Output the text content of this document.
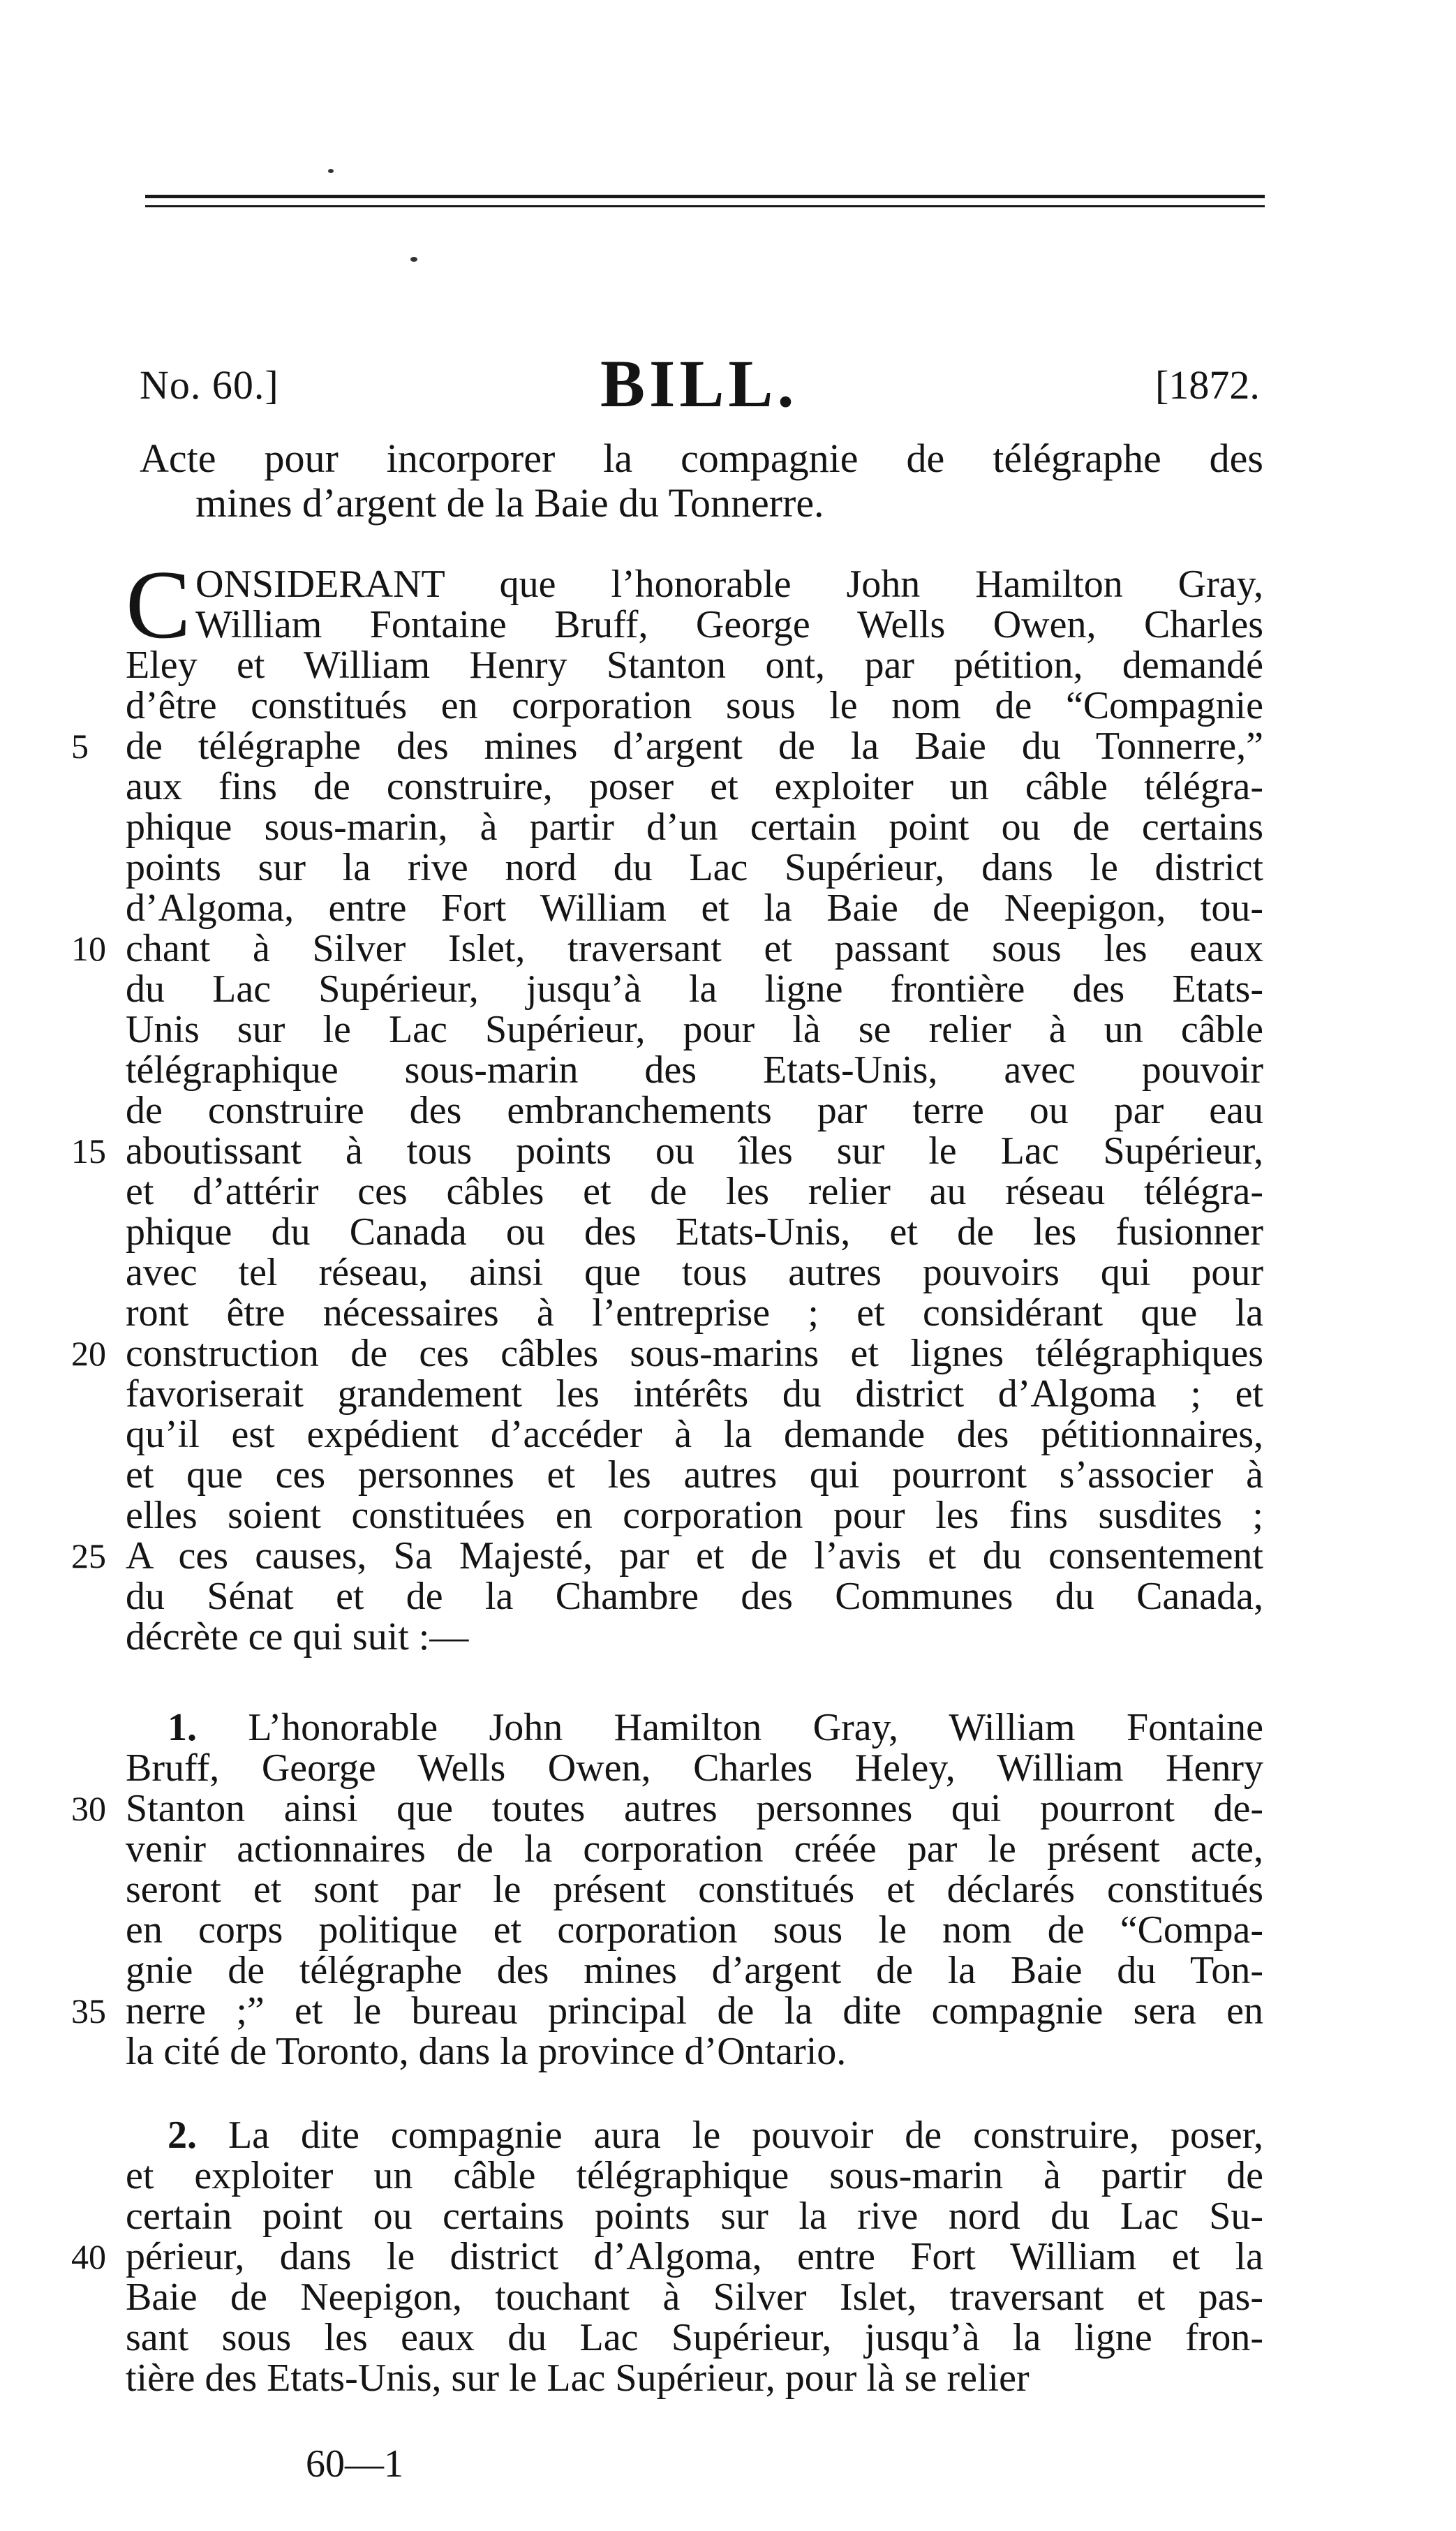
No. 60.]	BILL.	[1872.
Acte pour incorporer la compagnie de télégraphe des
mines d’argent de la Baie du Tonnerre.
C ONSIDERANT que l’honorable John Hamilton Gray,
William Fontaine Bruff, George Wells Owen, Charles
Eley et William Henry Stanton ont, par pétition, demandé
d’être constitués en corporation sous le nom de “Compagnie
de télégraphe des mines d’argent de la Baie du Tonnerre,”
5
aux fins de construire, poser et exploiter un câble télégra-
phique sous-marin, à partir d’un certain point ou de certains
points sur la rive nord du Lac Supérieur, dans le district
d’Algoma, entre Fort William et la Baie de Neepigon, tou-
chant à Silver Islet, traversant et passant sous les eaux
10
du Lac Supérieur, jusqu’à la ligne frontière des Etats-
Unis sur le Lac Supérieur, pour là se relier à un câble
télégraphique sous-marin des Etats-Unis, avec pouvoir
de construire des embranchements par terre ou par eau
aboutissant à tous points ou îles sur le Lac Supérieur,
15
et d’attérir ces câbles et de les relier au réseau télégra-
phique du Canada ou des Etats-Unis, et de les fusionner
avec tel réseau, ainsi que tous autres pouvoirs qui pour
ront être nécessaires à l’entreprise ; et considérant que la
construction de ces câbles sous-marins et lignes télégraphiques
20
favoriserait grandement les intérêts du district d’Algoma ; et
qu’il est expédient d’accéder à la demande des pétitionnaires,
et que ces personnes et les autres qui pourront s’associer à
elles soient constituées en corporation pour les fins susdites ;
A ces causes, Sa Majesté, par et de l’avis et du consentement
25
du Sénat et de la Chambre des Communes du Canada,
décrète ce qui suit :—
1. L’honorable John Hamilton Gray, William Fontaine
Bruff, George Wells Owen, Charles Heley, William Henry
Stanton ainsi que toutes autres personnes qui pourront de-
30
venir actionnaires de la corporation créée par le présent acte,
seront et sont par le présent constitués et déclarés constitués
en corps politique et corporation sous le nom de “Compa-
gnie de télégraphe des mines d’argent de la Baie du Ton-
nerre ;” et le bureau principal de la dite compagnie sera en
35
la cité de Toronto, dans la province d’Ontario.
2. La dite compagnie aura le pouvoir de construire, poser,
et exploiter un câble télégraphique sous-marin à partir de
certain point ou certains points sur la rive nord du Lac Su-
périeur, dans le district d’Algoma, entre Fort William et la
40
Baie de Neepigon, touchant à Silver Islet, traversant et pas-
sant sous les eaux du Lac Supérieur, jusqu’à la ligne fron-
tière des Etats-Unis, sur le Lac Supérieur, pour là se relier
60—1
